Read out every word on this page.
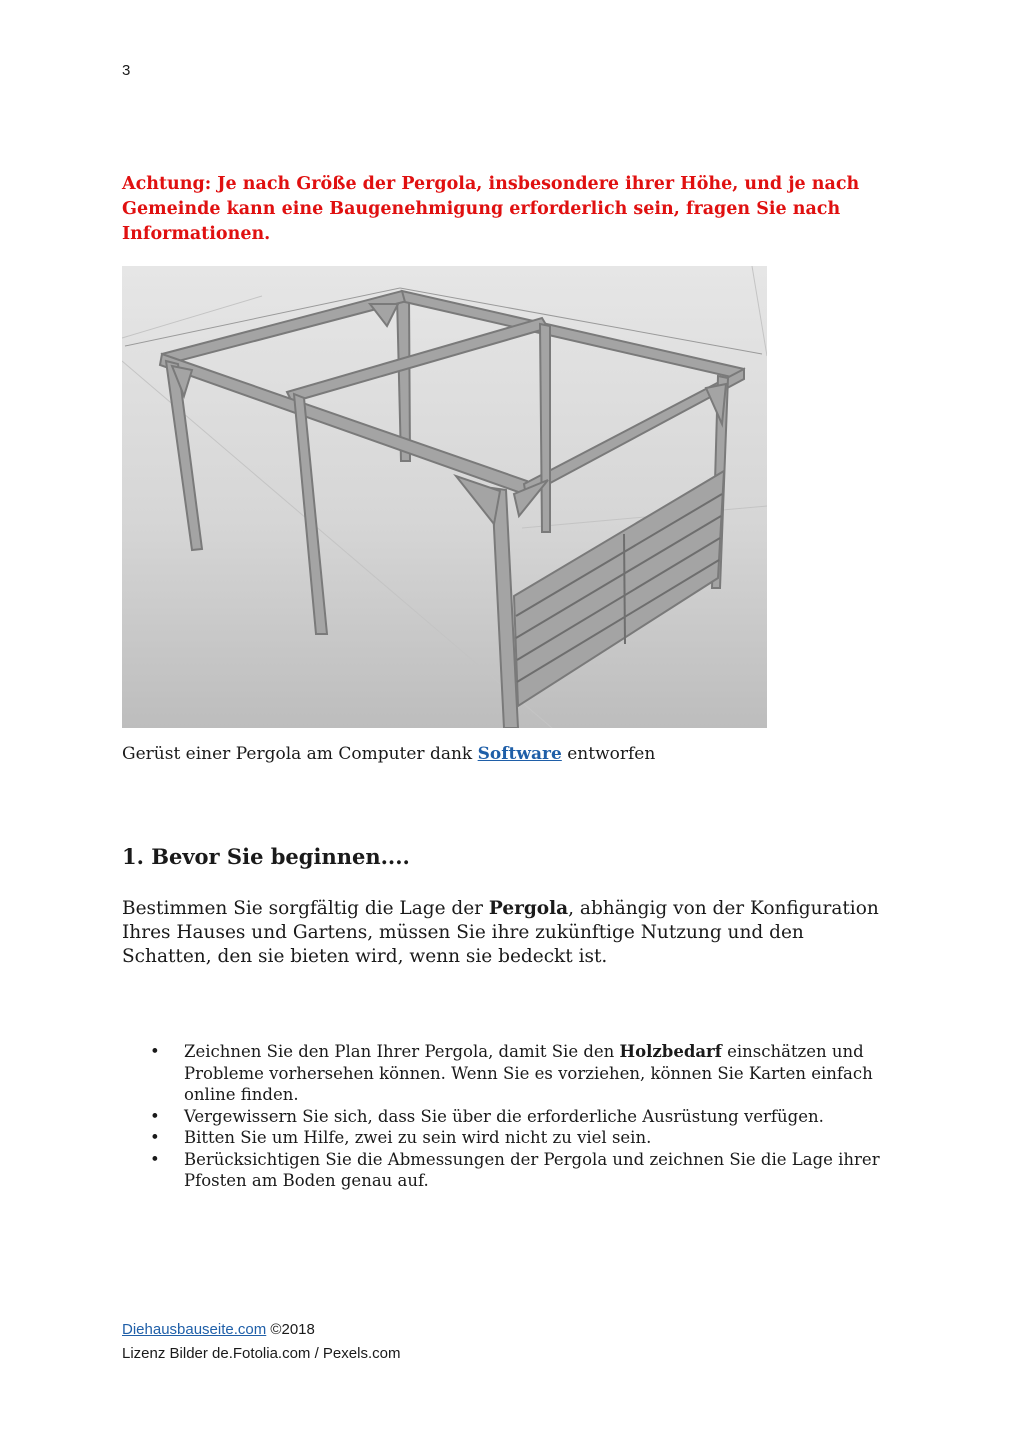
3
Achtung: Je nach Größe der Pergola, insbesondere ihrer Höhe, und je nach Gemeinde kann eine Baugenehmigung erforderlich sein, fragen Sie nach Informationen.
Gerüst einer Pergola am Computer dank Software entworfen
1. Bevor Sie beginnen....

Bestimmen Sie sorgfältig die Lage der Pergola, abhängig von der Konfiguration Ihres Hauses und Gartens, müssen Sie ihre zukünftige Nutzung und den Schatten, den sie bieten wird, wenn sie bedeckt ist.

• Zeichnen Sie den Plan Ihrer Pergola, damit Sie den Holzbedarf einschätzen und Probleme vorhersehen können. Wenn Sie es vorziehen, können Sie Karten einfach online finden.
• Vergewissern Sie sich, dass Sie über die erforderliche Ausrüstung verfügen.
• Bitten Sie um Hilfe, zwei zu sein wird nicht zu viel sein.
• Berücksichtigen Sie die Abmessungen der Pergola und zeichnen Sie die Lage ihrer Pfosten am Boden genau auf.
Diehausbauseite.com ©2018
Lizenz Bilder de.Fotolia.com / Pexels.com
